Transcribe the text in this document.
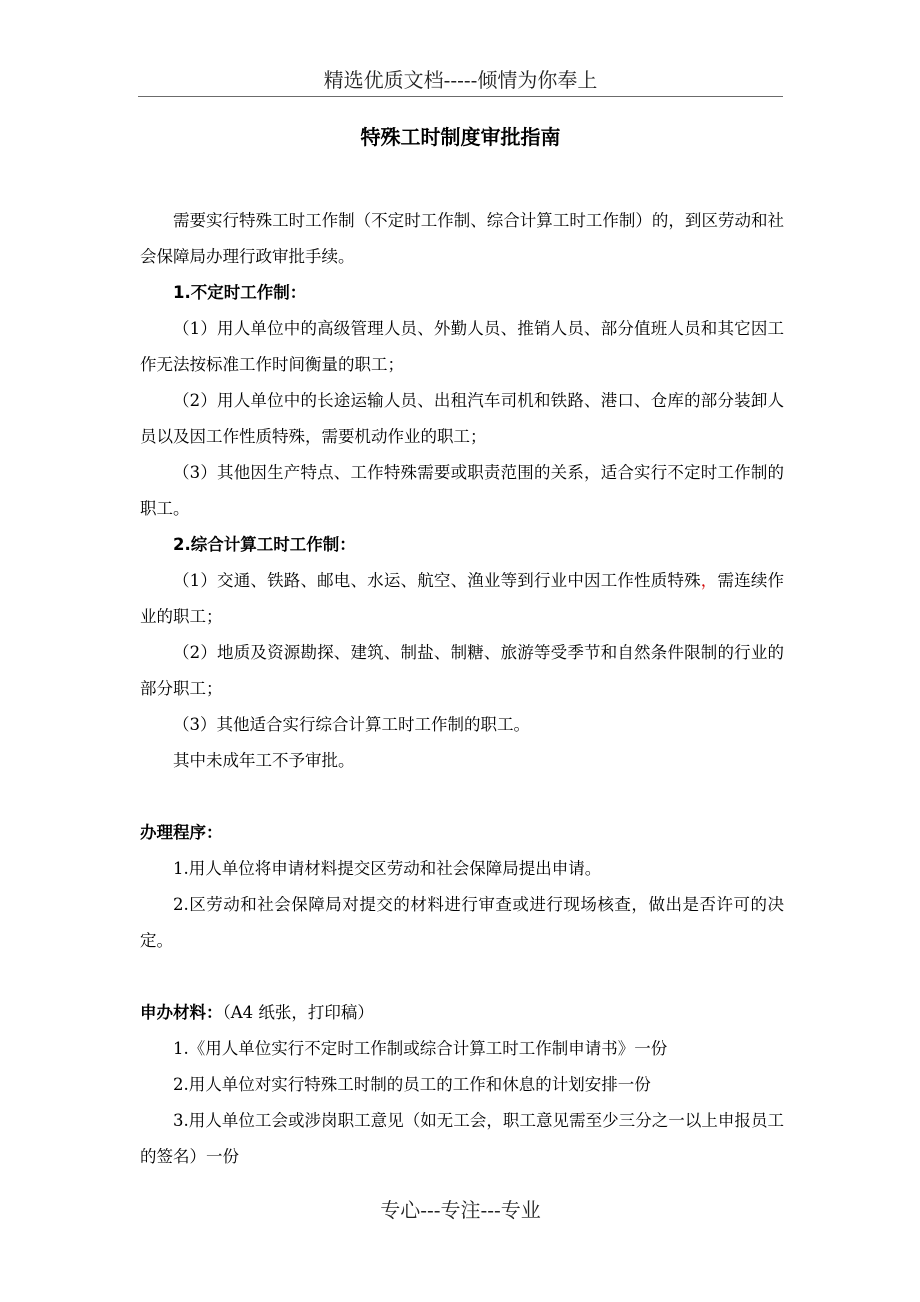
精选优质文档-----倾情为你奉上
特殊工时制度审批指南

需要实行特殊工时工作制（不定时工作制、综合计算工时工作制）的，到区劳动和社会保障局办理行政审批手续。

1.不定时工作制：

（1）用人单位中的高级管理人员、外勤人员、推销人员、部分值班人员和其它因工作无法按标准工作时间衡量的职工；

（2）用人单位中的长途运输人员、出租汽车司机和铁路、港口、仓库的部分装卸人员以及因工作性质特殊，需要机动作业的职工；

（3）其他因生产特点、工作特殊需要或职责范围的关系，适合实行不定时工作制的职工。

2.综合计算工时工作制：

（1）交通、铁路、邮电、水运、航空、渔业等到行业中因工作性质特殊，需连续作业的职工；

（2）地质及资源勘探、建筑、制盐、制糖、旅游等受季节和自然条件限制的行业的部分职工；

（3）其他适合实行综合计算工时工作制的职工。

其中未成年工不予审批。

办理程序：

1.用人单位将申请材料提交区劳动和社会保障局提出申请。

2.区劳动和社会保障局对提交的材料进行审查或进行现场核查，做出是否许可的决定。

申办材料：（A4 纸张，打印稿）

1.《用人单位实行不定时工作制或综合计算工时工作制申请书》一份

2.用人单位对实行特殊工时制的员工的工作和休息的计划安排一份

3.用人单位工会或涉岗职工意见（如无工会，职工意见需至少三分之一以上申报员工的签名）一份

专心---专注---专业
